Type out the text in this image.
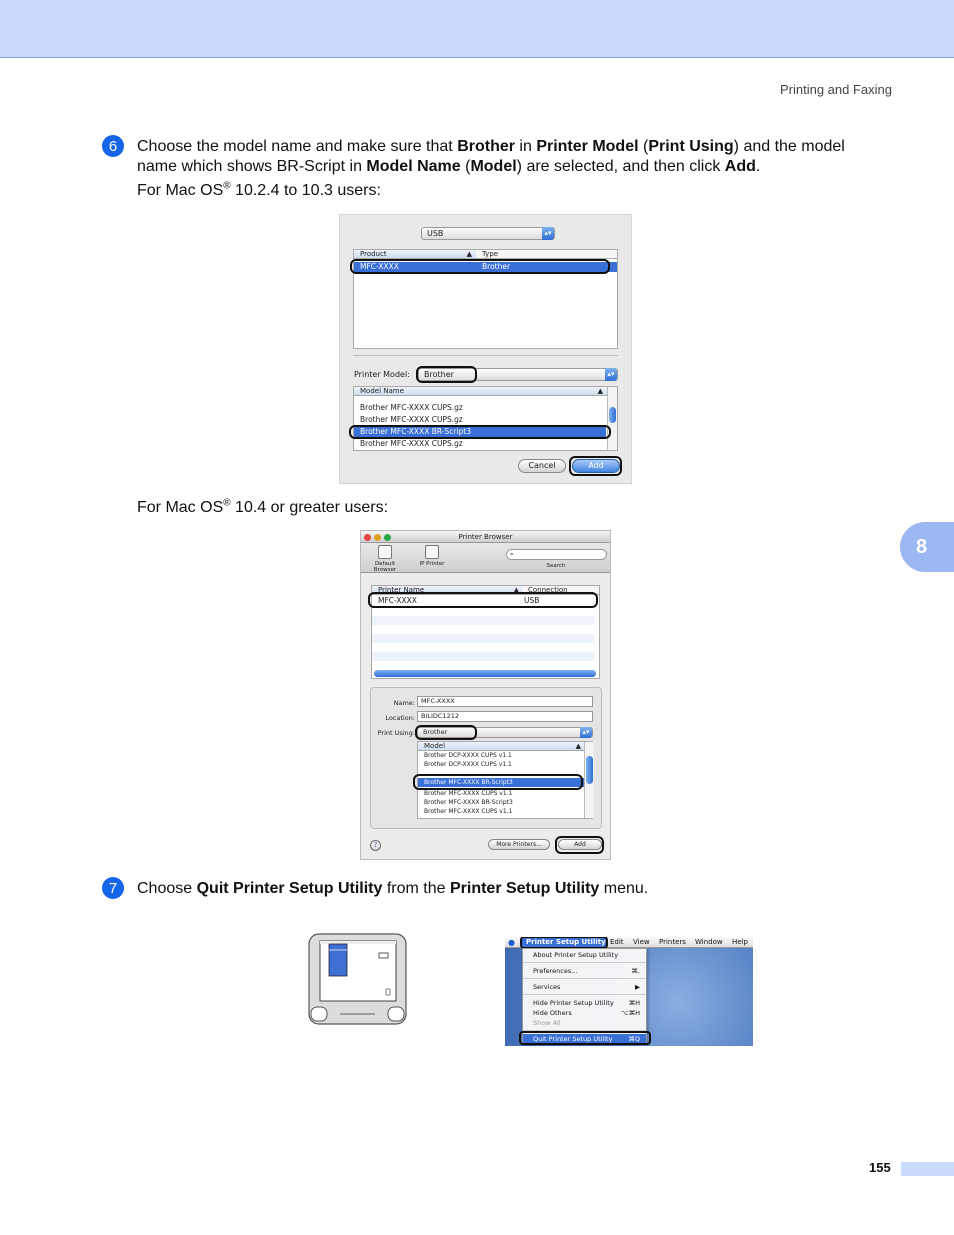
Printing and Faxing
8
6	Choose the model name and make sure that Brother in Printer Model (Print Using) and the model
name which shows BR-Script in Model Name (Model) are selected, and then click Add.
For Mac OS® 10.2.4 to 10.3 users:
USB	▴▾
Product	▲	Type
MFC-XXXX	Brother
Printer Model:	Brother	▴▾
Model Name	▲
Brother MFC-XXXX CUPS.gz
Brother MFC-XXXX CUPS.gz
Brother MFC-XXXX BR-Script3
Brother MFC-XXXX CUPS.gz
Cancel	Add
For Mac OS® 10.4 or greater users:
Printer Browser
Default Browser
IP Printer
⌕
Search
Printer Name	▲	Connection
MFC-XXXX	USB
Name: MFC-XXXX
Location: BILIDC1212
Print Using:	Brother	▴▾
Model	▲
Brother DCP-XXXX CUPS v1.1
Brother DCP-XXXX CUPS v1.1
Brother MFC-XXXX BR-Script3
Brother MFC-XXXX CUPS v1.1
Brother MFC-XXXX BR-Script3
Brother MFC-XXXX CUPS v1.1
?	More Printers...	Add
7	Choose Quit Printer Setup Utility from the Printer Setup Utility menu.
●	Printer Setup Utility Edit View Printers Window Help
About Printer Setup Utility
Preferences...	⌘,
Services	▶
Hide Printer Setup Utility ⌘H
Hide Others	⌥⌘H
Show All
Quit Printer Setup Utility ⌘Q
155
